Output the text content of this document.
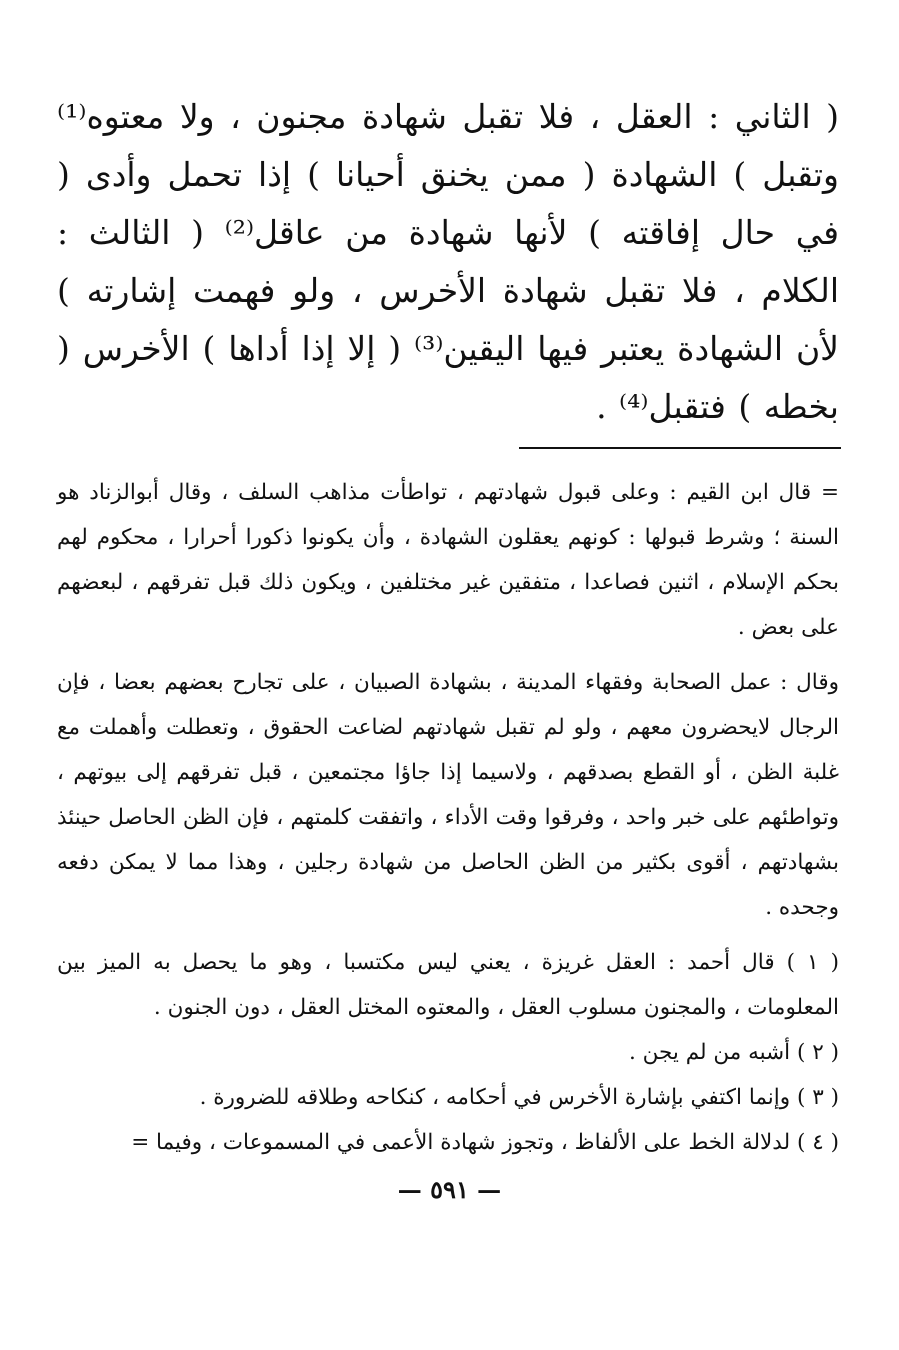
( الثاني : العقل ، فلا تقبل شهادة مجنون ، ولا معتوه⁽¹⁾ وتقبل ) الشهادة ( ممن يخنق أحيانا ) إذا تحمل وأدى ( في حال إفاقته ) لأنها شهادة من عاقل⁽²⁾ ( الثالث : الكلام ، فلا تقبل شهادة الأخرس ، ولو فهمت إشارته ) لأن الشهادة يعتبر فيها اليقين⁽³⁾ ( إلا إذا أداها ) الأخرس ( بخطه ) فتقبل⁽⁴⁾ .

= قال ابن القيم : وعلى قبول شهادتهم ، تواطأت مذاهب السلف ، وقال أبوالزناد هو السنة ؛ وشرط قبولها : كونهم يعقلون الشهادة ، وأن يكونوا ذكورا أحرارا ، محكوم لهم بحكم الإسلام ، اثنين فصاعدا ، متفقين غير مختلفين ، ويكون ذلك قبل تفرقهم ، لبعضهم على بعض .

وقال : عمل الصحابة وفقهاء المدينة ، بشهادة الصبيان ، على تجارح بعضهم بعضا ، فإن الرجال لايحضرون معهم ، ولو لم تقبل شهادتهم لضاعت الحقوق ، وتعطلت وأهملت مع غلبة الظن ، أو القطع بصدقهم ، ولاسيما إذا جاؤا مجتمعين ، قبل تفرقهم إلى بيوتهم ، وتواطئهم على خبر واحد ، وفرقوا وقت الأداء ، واتفقت كلمتهم ، فإن الظن الحاصل حينئذ بشهادتهم ، أقوى بكثير من الظن الحاصل من شهادة رجلين ، وهذا مما لا يمكن دفعه وجحده .

( ١ ) قال أحمد : العقل غريزة ، يعني ليس مكتسبا ، وهو ما يحصل به الميز بين المعلومات ، والمجنون مسلوب العقل ، والمعتوه المختل العقل ، دون الجنون .

( ٢ ) أشبه من لم يجن .

( ٣ ) وإنما اكتفي بإشارة الأخرس في أحكامه ، كنكاحه وطلاقه للضرورة .

( ٤ ) لدلالة الخط على الألفاظ ، وتجوز شهادة الأعمى في المسموعات ، وفيما =

— ٥٩١ —
